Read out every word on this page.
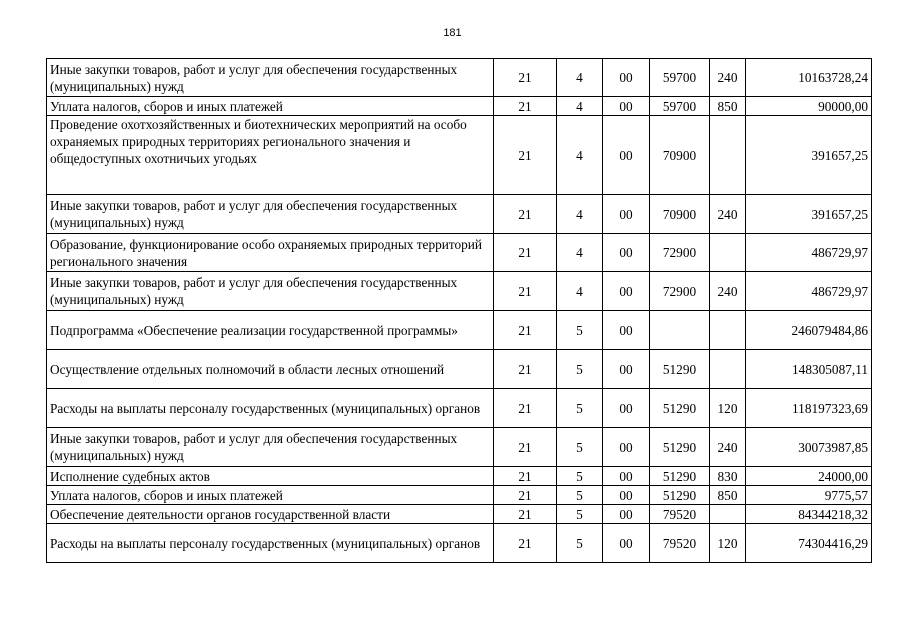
181
Иные закупки товаров, работ и услуг для обеспечения государственных (муниципальных) нужд	21	4	00	59700	240	10163728,24
Уплата налогов, сборов и иных платежей	21	4	00	59700	850	90000,00
Проведение охотхозяйственных и биотехнических мероприятий на особо охраняемых природных территориях регионального значения и общедоступных охотничьих угодьях	21	4	00	70900		391657,25
Иные закупки товаров, работ и услуг для обеспечения государственных (муниципальных) нужд	21	4	00	70900	240	391657,25
Образование, функционирование особо охраняемых природных территорий регионального значения	21	4	00	72900		486729,97
Иные закупки товаров, работ и услуг для обеспечения государственных (муниципальных) нужд	21	4	00	72900	240	486729,97
Подпрограмма «Обеспечение реализации государственной программы»	21	5	00			246079484,86
Осуществление отдельных полномочий в области лесных отношений	21	5	00	51290		148305087,11
Расходы на выплаты персоналу государственных (муниципальных) органов	21	5	00	51290	120	118197323,69
Иные закупки товаров, работ и услуг для обеспечения государственных (муниципальных) нужд	21	5	00	51290	240	30073987,85
Исполнение судебных актов	21	5	00	51290	830	24000,00
Уплата налогов, сборов и иных платежей	21	5	00	51290	850	9775,57
Обеспечение деятельности органов государственной власти	21	5	00	79520		84344218,32
Расходы на выплаты персоналу государственных (муниципальных) органов	21	5	00	79520	120	74304416,29
